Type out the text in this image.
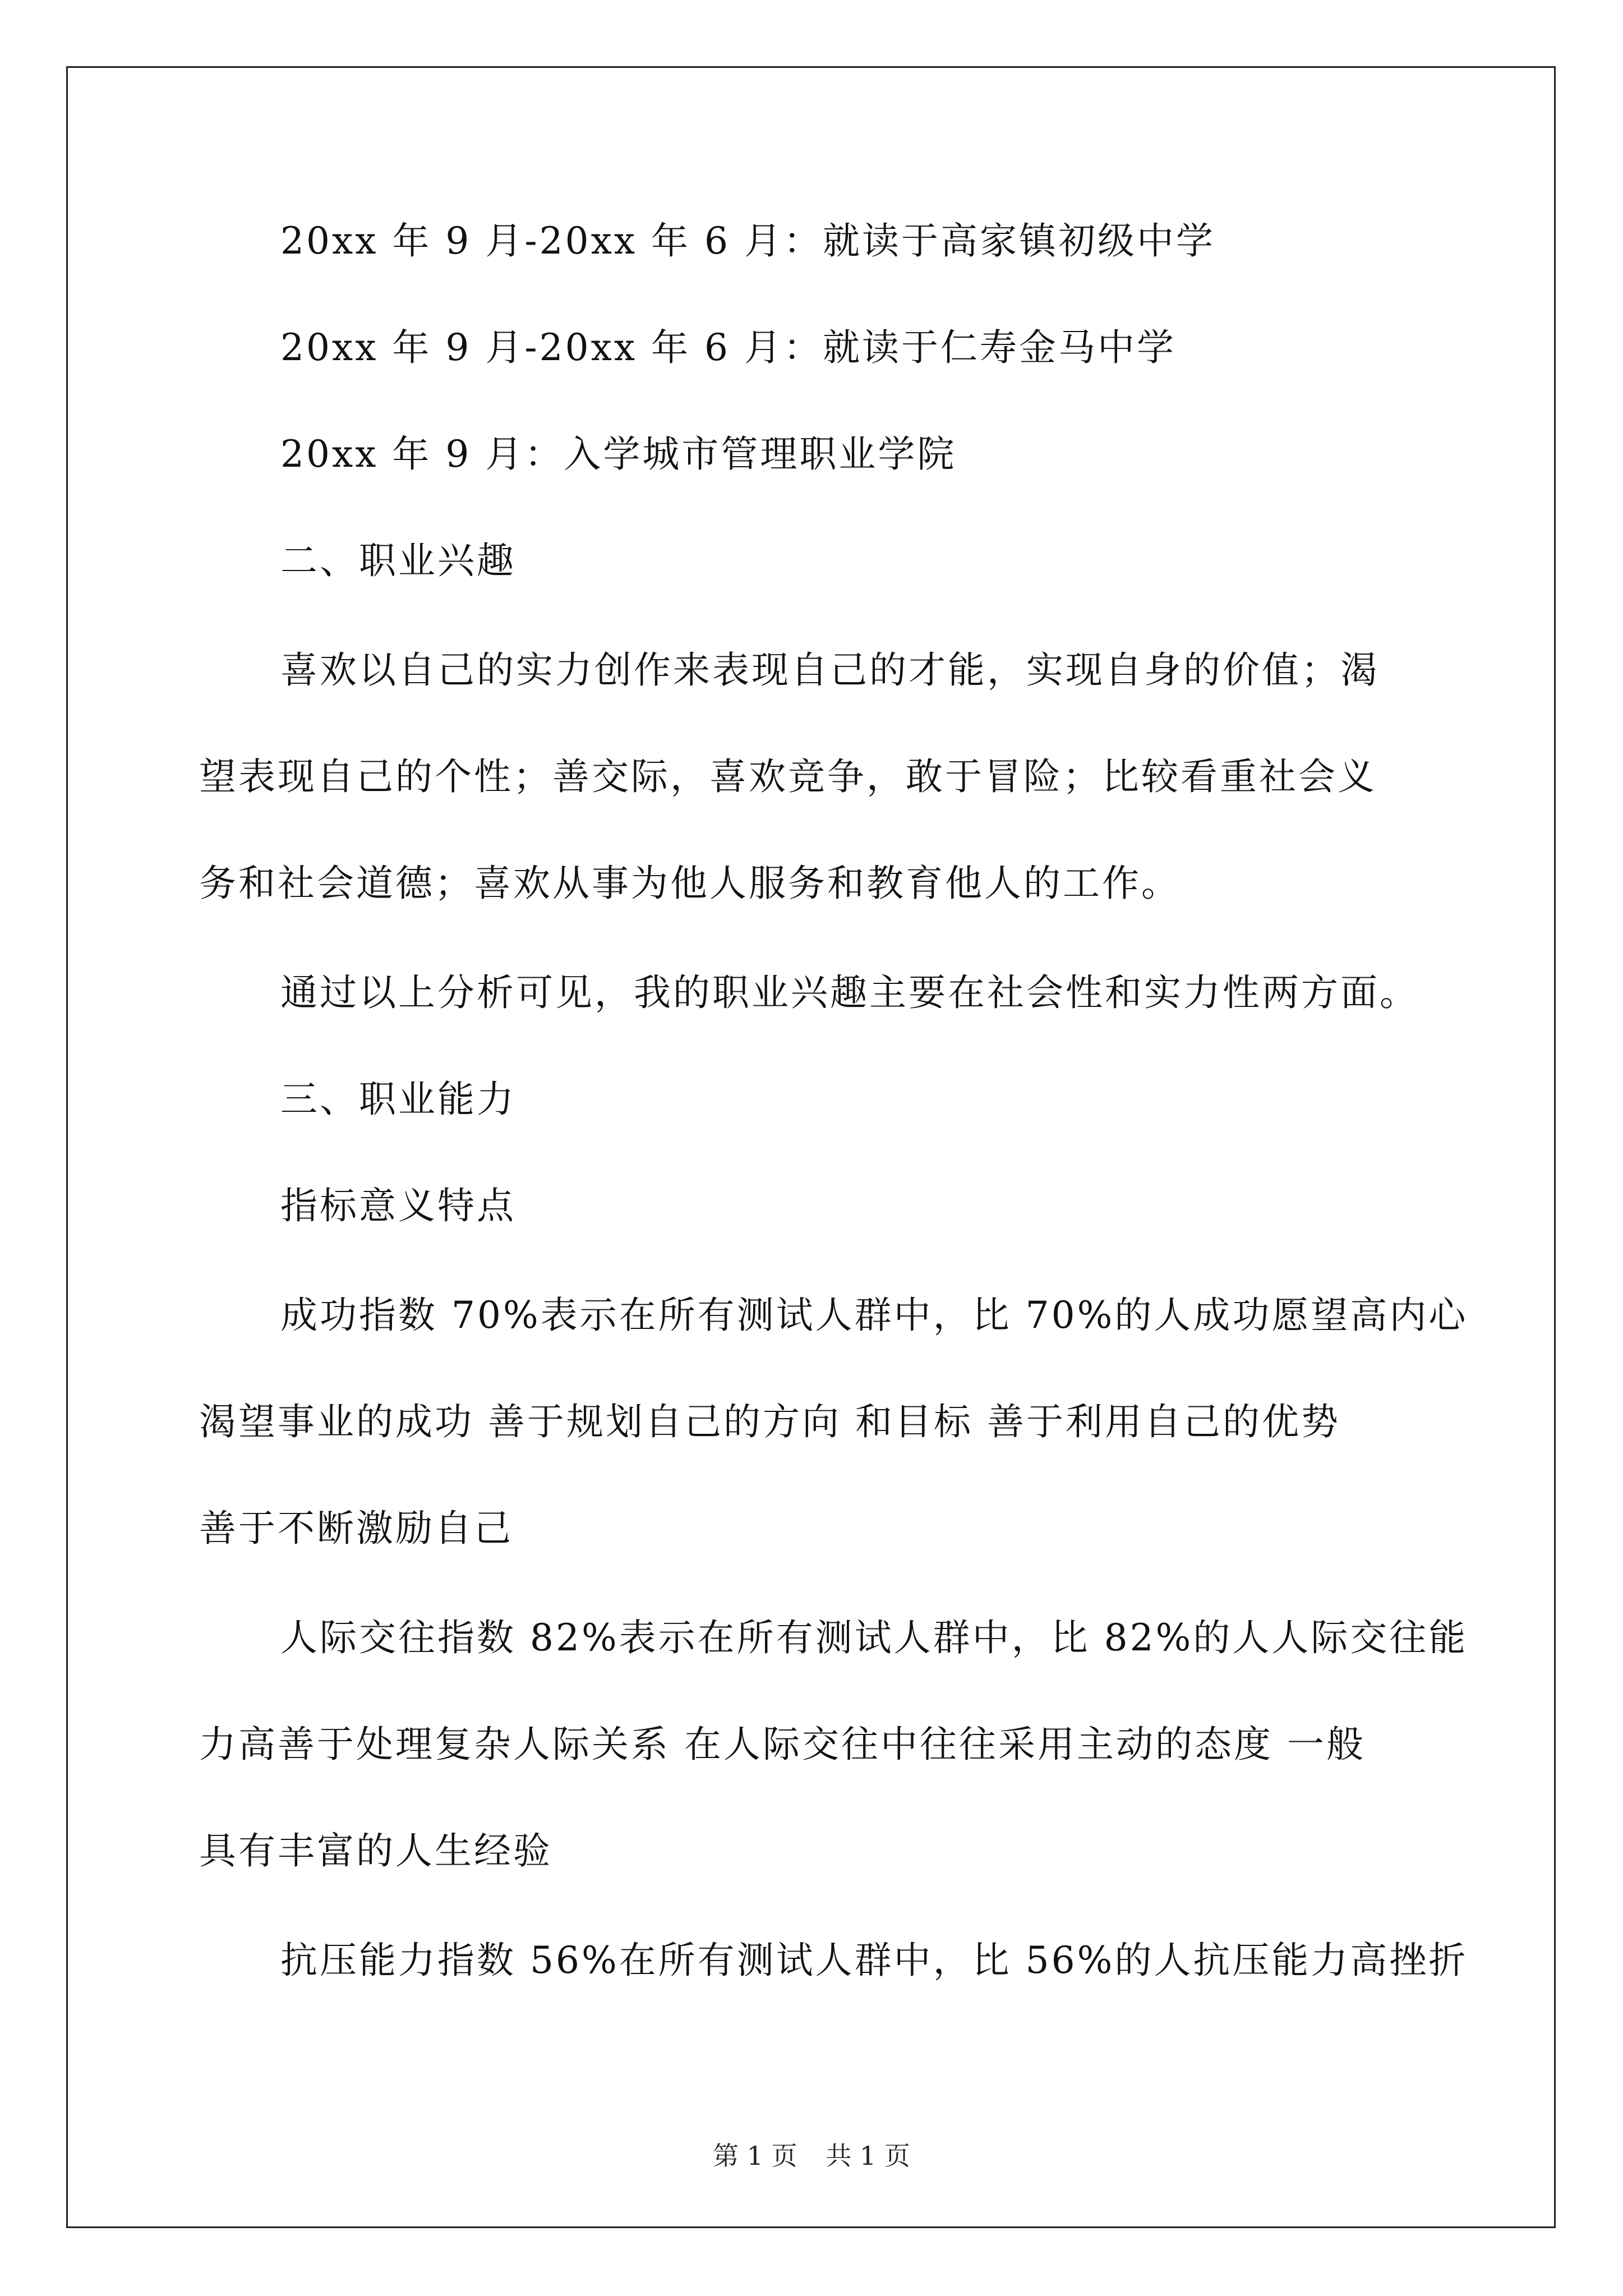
20xx 年 9 月-20xx 年 6 月：就读于高家镇初级中学
20xx 年 9 月-20xx 年 6 月：就读于仁寿金马中学
20xx 年 9 月：入学城市管理职业学院
二、职业兴趣
喜欢以自己的实力创作来表现自己的才能，实现自身的价值；渴
望表现自己的个性；善交际，喜欢竞争，敢于冒险；比较看重社会义
务和社会道德；喜欢从事为他人服务和教育他人的工作。
通过以上分析可见，我的职业兴趣主要在社会性和实力性两方面。
三、职业能力
指标意义特点
成功指数 70%表示在所有测试人群中，比 70%的人成功愿望高内心
渴望事业的成功 善于规划自己的方向 和目标 善于利用自己的优势
善于不断激励自己
人际交往指数 82%表示在所有测试人群中，比 82%的人人际交往能
力高善于处理复杂人际关系 在人际交往中往往采用主动的态度 一般
具有丰富的人生经验
抗压能力指数 56%在所有测试人群中，比 56%的人抗压能力高挫折
第 1 页 共 1 页
